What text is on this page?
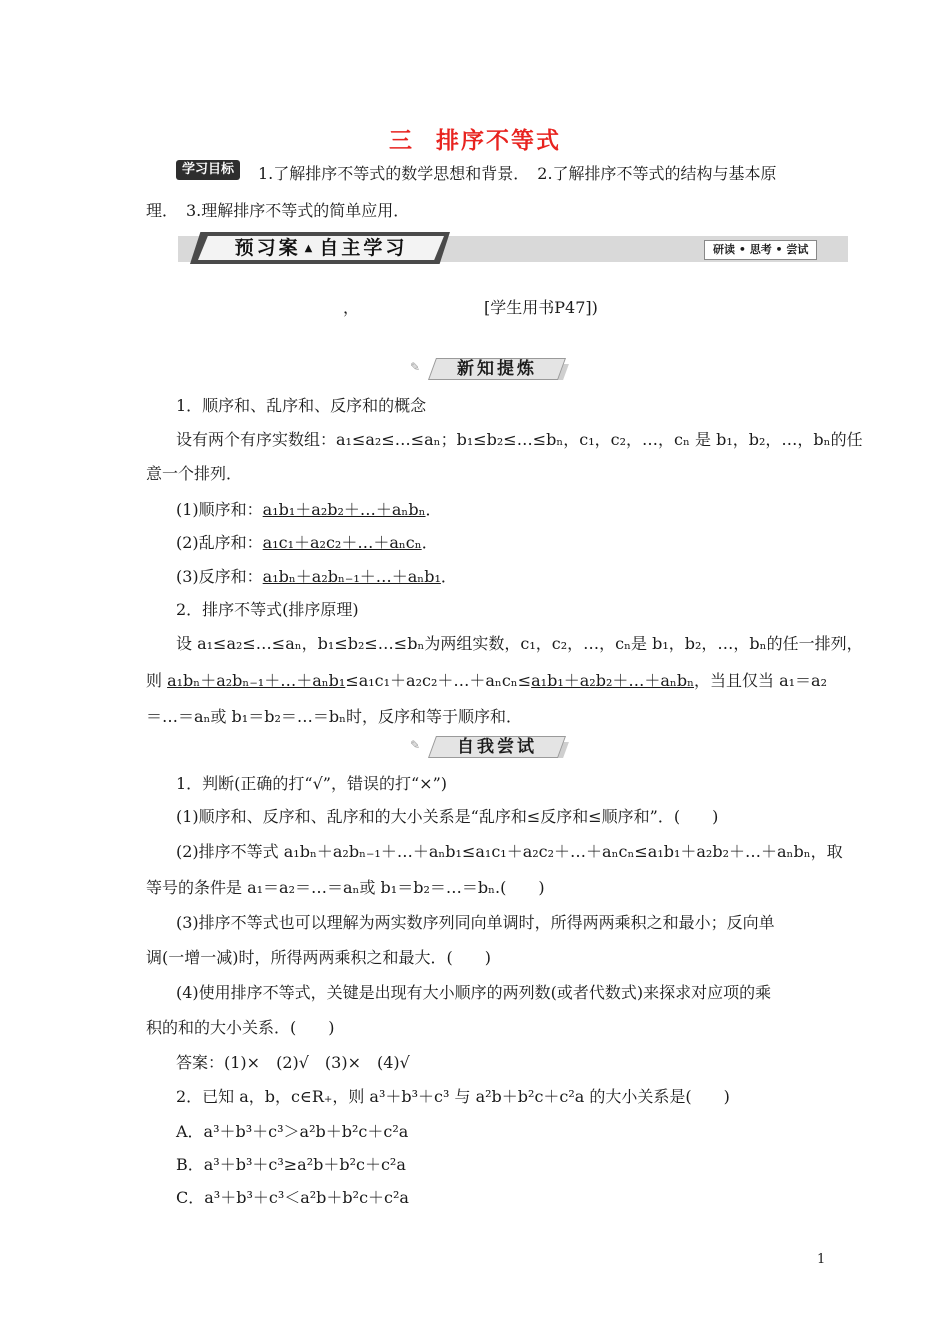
三 排序不等式
学习目标	1.了解排序不等式的数学思想和背景．　2.了解排序不等式的结构与基本原
理．　3.理解排序不等式的简单应用．
预习案 ▲ 自主学习	研读 • 思考 • 尝试
，	[学生用书P47])
✎	新知提炼
1．顺序和、乱序和、反序和的概念
设有两个有序实数组：a₁≤a₂≤…≤aₙ；b₁≤b₂≤…≤bₙ，c₁，c₂，…，cₙ 是 b₁，b₂，…，bₙ的任
意一个排列．
(1)顺序和：a₁b₁＋a₂b₂＋…＋aₙbₙ．
(2)乱序和：a₁c₁＋a₂c₂＋…＋aₙcₙ．
(3)反序和：a₁bₙ＋a₂bₙ₋₁＋…＋aₙb₁．
2．排序不等式(排序原理)
设 a₁≤a₂≤…≤aₙ，b₁≤b₂≤…≤bₙ为两组实数，c₁，c₂，…，cₙ是 b₁，b₂，…，bₙ的任一排列，
则 a₁bₙ＋a₂bₙ₋₁＋…＋aₙb₁≤a₁c₁＋a₂c₂＋…＋aₙcₙ≤a₁b₁＋a₂b₂＋…＋aₙbₙ，当且仅当 a₁＝a₂
＝…＝aₙ或 b₁＝b₂＝…＝bₙ时，反序和等于顺序和．
✎	自我尝试
1．判断(正确的打“√”，错误的打“×”)
(1)顺序和、反序和、乱序和的大小关系是“乱序和≤反序和≤顺序和”．(　　)
(2)排序不等式 a₁bₙ＋a₂bₙ₋₁＋…＋aₙb₁≤a₁c₁＋a₂c₂＋…＋aₙcₙ≤a₁b₁＋a₂b₂＋…＋aₙbₙ，取
等号的条件是 a₁＝a₂＝…＝aₙ或 b₁＝b₂＝…＝bₙ.(　　)
(3)排序不等式也可以理解为两实数序列同向单调时，所得两两乘积之和最小；反向单
调(一增一减)时，所得两两乘积之和最大．(　　)
(4)使用排序不等式，关键是出现有大小顺序的两列数(或者代数式)来探求对应项的乘
积的和的大小关系．(　　)
答案：(1)×　(2)√　(3)×　(4)√
2．已知 a，b，c∈R₊，则 a³＋b³＋c³ 与 a²b＋b²c＋c²a 的大小关系是(　　)
A．a³＋b³＋c³＞a²b＋b²c＋c²a
B．a³＋b³＋c³≥a²b＋b²c＋c²a
C．a³＋b³＋c³＜a²b＋b²c＋c²a
1
